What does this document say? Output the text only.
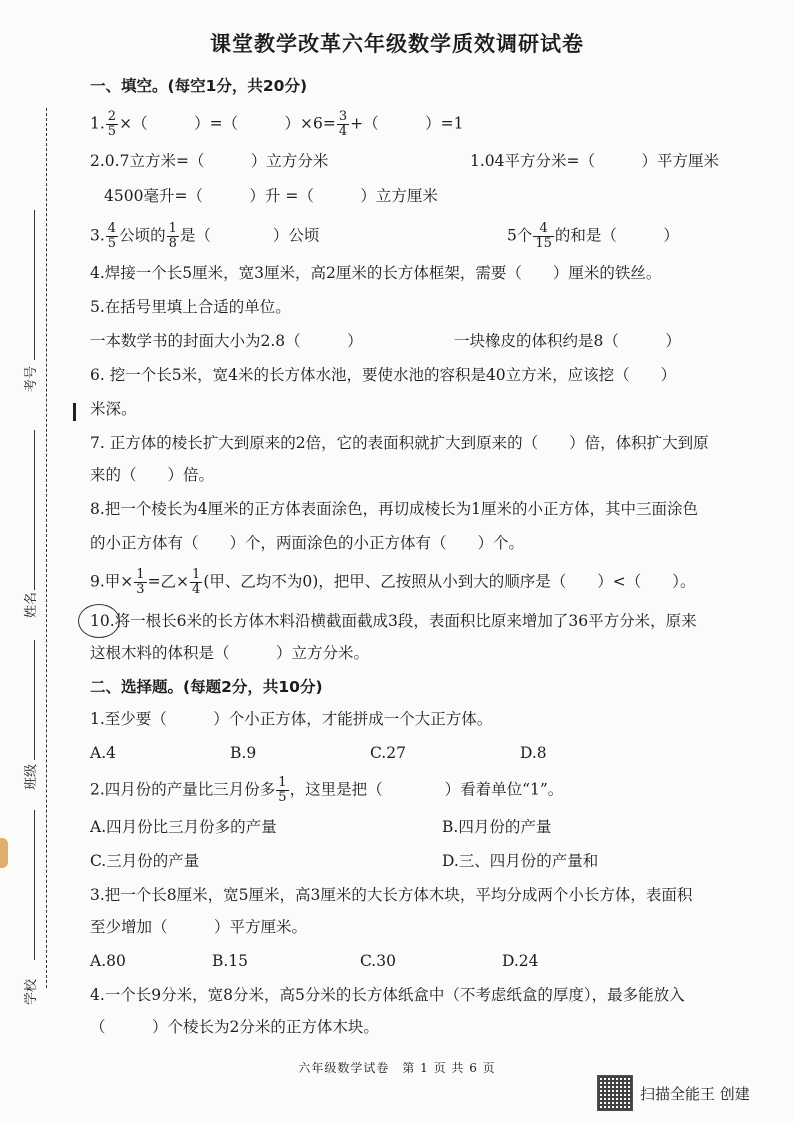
考号
姓名
班级
学校
课堂教学改革六年级数学质效调研试卷
一、填空。(每空1分，共20分)
1. $\frac{2}{5}$ ×（　　　）=（　　　）$\times 6= \frac{3}{4}$ +（　　　）=1
2.0.7立方米=（　　　）立方分米	1.04平方分米=（　　　）平方厘米
4500毫升=（　　　）升 =（　　　）立方厘米
3. $\frac{4}{5}$ 公顷的 $\frac{1}{8}$ 是（　　　　）公顷	5个 $\frac{4}{15}$ 的和是（　　　）
4.焊接一个长5厘米，宽3厘米，高2厘米的长方体框架，需要（　　）厘米的铁丝。
5.在括号里填上合适的单位。
一本数学书的封面大小为2.8（　　　）	一块橡皮的体积约是8（　　　）
6. 挖一个长5米，宽4米的长方体水池，要使水池的容积是40立方米，应该挖（　　）
米深。
7. 正方体的棱长扩大到原来的2倍，它的表面积就扩大到原来的（　　）倍，体积扩大到原
来的（　　）倍。
8.把一个棱长为4厘米的正方体表面涂色，再切成棱长为1厘米的小正方体，其中三面涂色
的小正方体有（　　）个，两面涂色的小正方体有（　　）个。
9.甲× $\frac{1}{3}$ =乙× $\frac{1}{4}$ (甲、乙均不为0)，把甲、乙按照从小到大的顺序是（　　）<（　　）。
10.将一根长6米的长方体木料沿横截面截成3段，表面积比原来增加了36平方分米，原来
这根木料的体积是（　　　）立方分米。
二、选择题。(每题2分，共10分)
1.至少要（　　　）个小正方体，才能拼成一个大正方体。
A.4	B.9	C.27	D.8
2.四月份的产量比三月份多 $\frac{1}{5}$ ，这里是把（　　　　）看着单位“1”。
A.四月份比三月份多的产量	B.四月份的产量
C.三月份的产量	D.三、四月份的产量和
3.把一个长8厘米，宽5厘米，高3厘米的大长方体木块，平均分成两个小长方体，表面积
至少增加（　　　）平方厘米。
A.80	B.15	C.30	D.24
4.一个长9分米，宽8分米，高5分米的长方体纸盒中（不考虑纸盒的厚度），最多能放入
（　　　）个棱长为2分米的正方体木块。
六年级数学试卷　第 1 页 共 6 页
扫描全能王 创建
